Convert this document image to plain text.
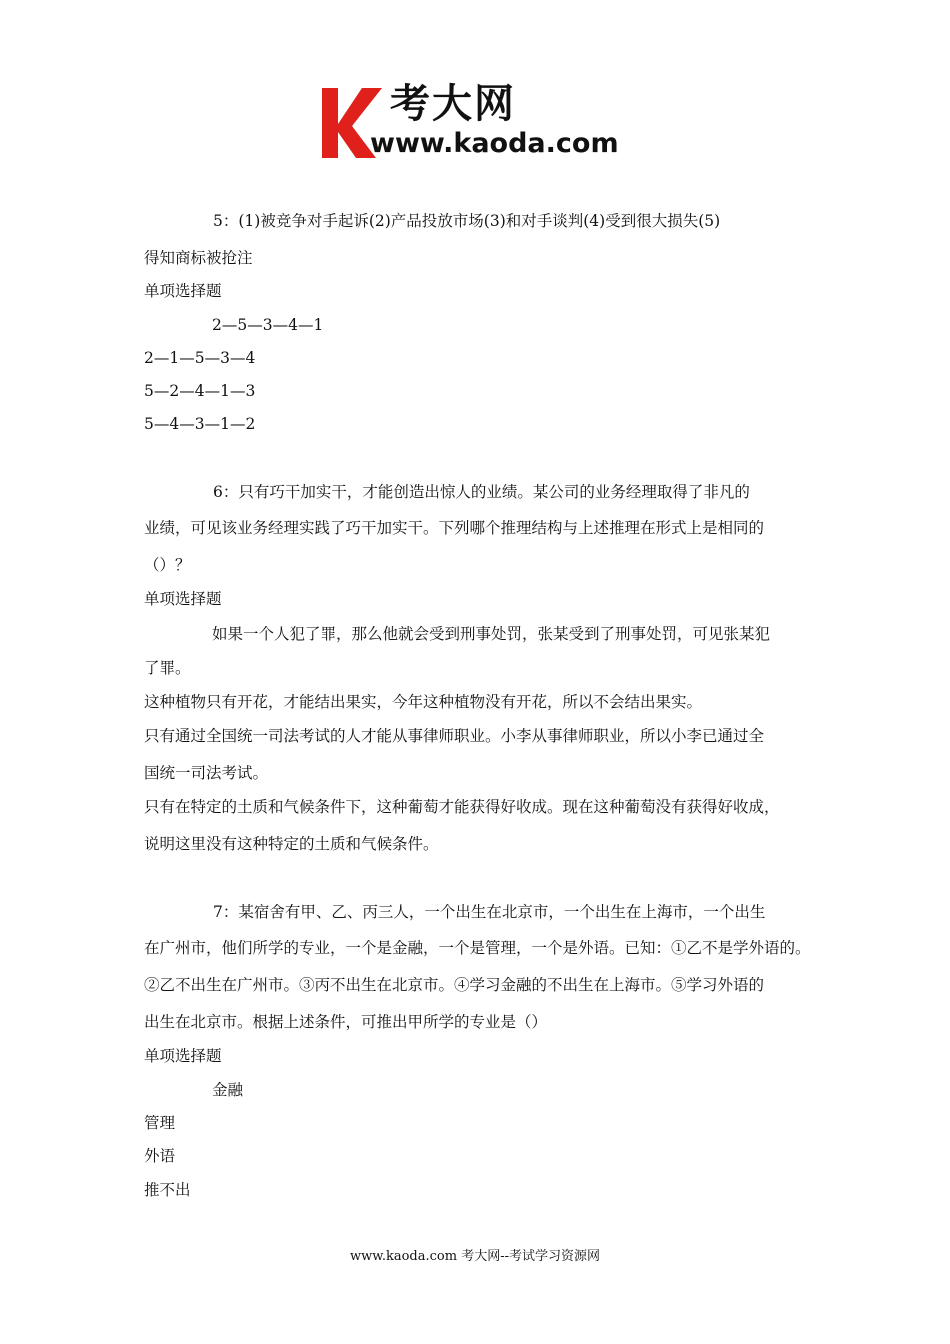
考大网
www.kaoda.com
5：(1)被竞争对手起诉(2)产品投放市场(3)和对手谈判(4)受到很大损失(5)
得知商标被抢注
单项选择题
2—5—3—4—1
2—1—5—3—4
5—2—4—1—3
5—4—3—1—2
6：只有巧干加实干，才能创造出惊人的业绩。某公司的业务经理取得了非凡的
业绩，可见该业务经理实践了巧干加实干。下列哪个推理结构与上述推理在形式上是相同的
（）？
单项选择题
如果一个人犯了罪，那么他就会受到刑事处罚，张某受到了刑事处罚，可见张某犯
了罪。
这种植物只有开花，才能结出果实，今年这种植物没有开花，所以不会结出果实。
只有通过全国统一司法考试的人才能从事律师职业。小李从事律师职业，所以小李已通过全
国统一司法考试。
只有在特定的土质和气候条件下，这种葡萄才能获得好收成。现在这种葡萄没有获得好收成，
说明这里没有这种特定的土质和气候条件。
7：某宿舍有甲、乙、丙三人，一个出生在北京市，一个出生在上海市，一个出生
在广州市，他们所学的专业，一个是金融，一个是管理，一个是外语。已知：①乙不是学外语的。
②乙不出生在广州市。③丙不出生在北京市。④学习金融的不出生在上海市。⑤学习外语的
出生在北京市。根据上述条件，可推出甲所学的专业是（）
单项选择题
金融
管理
外语
推不出
www.kaoda.com 考大网--考试学习资源网
